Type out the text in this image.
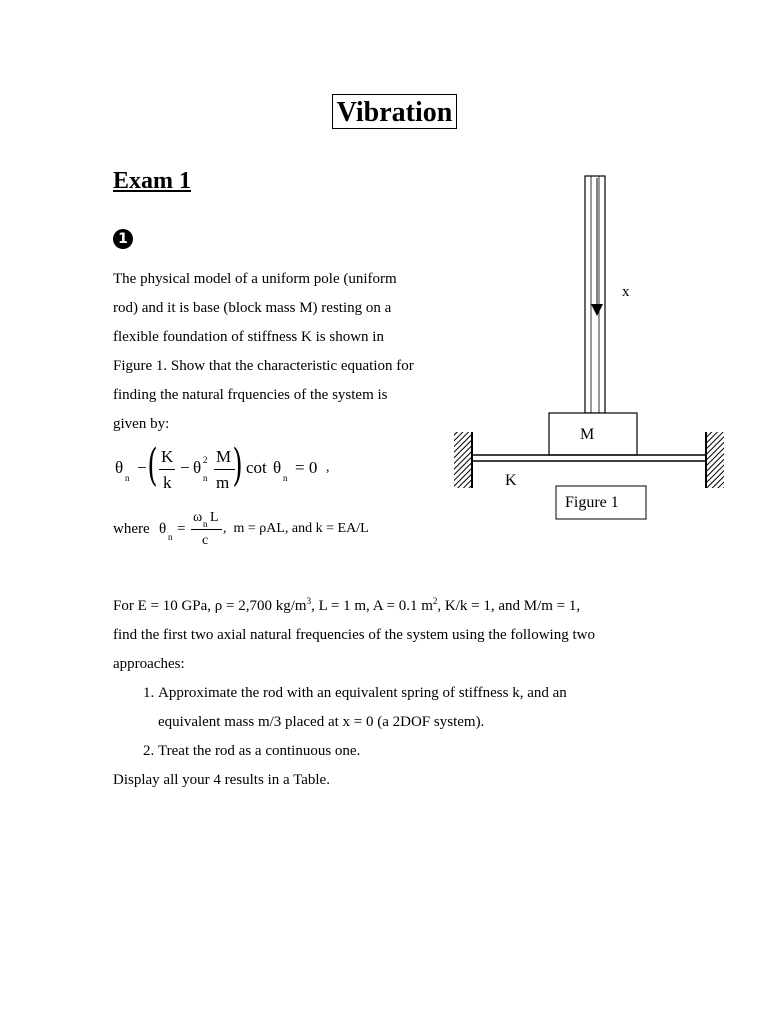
Vibration
Exam 1
1
The physical model of a uniform pole (uniform
rod) and it is base (block mass M) resting on a
flexible foundation of stiffness K is shown in
Figure 1. Show that the characteristic equation for
finding the natural frquencies of the system is
given by:
θ
n
− ( K
k
− θ 2
n
M
m ) cot θ
n
= 0 ,
where θ n =
ω n L
c
,  m = ρAL, and k = EA/L
For E = 10 GPa, ρ = 2,700 $kg/m^3$, L = 1 m, A = 0.1 $m^2$, K/k = 1, and M/m = 1,
find the first two axial natural frequencies of the system using the following two
approaches:
1. Approximate the rod with an equivalent spring of stiffness k, and an
equivalent mass m/3 placed at x = 0 (a 2DOF system).
2. Treat the rod as a continuous one.
Display all your 4 results in a Table.
x
M
K
Figure 1
